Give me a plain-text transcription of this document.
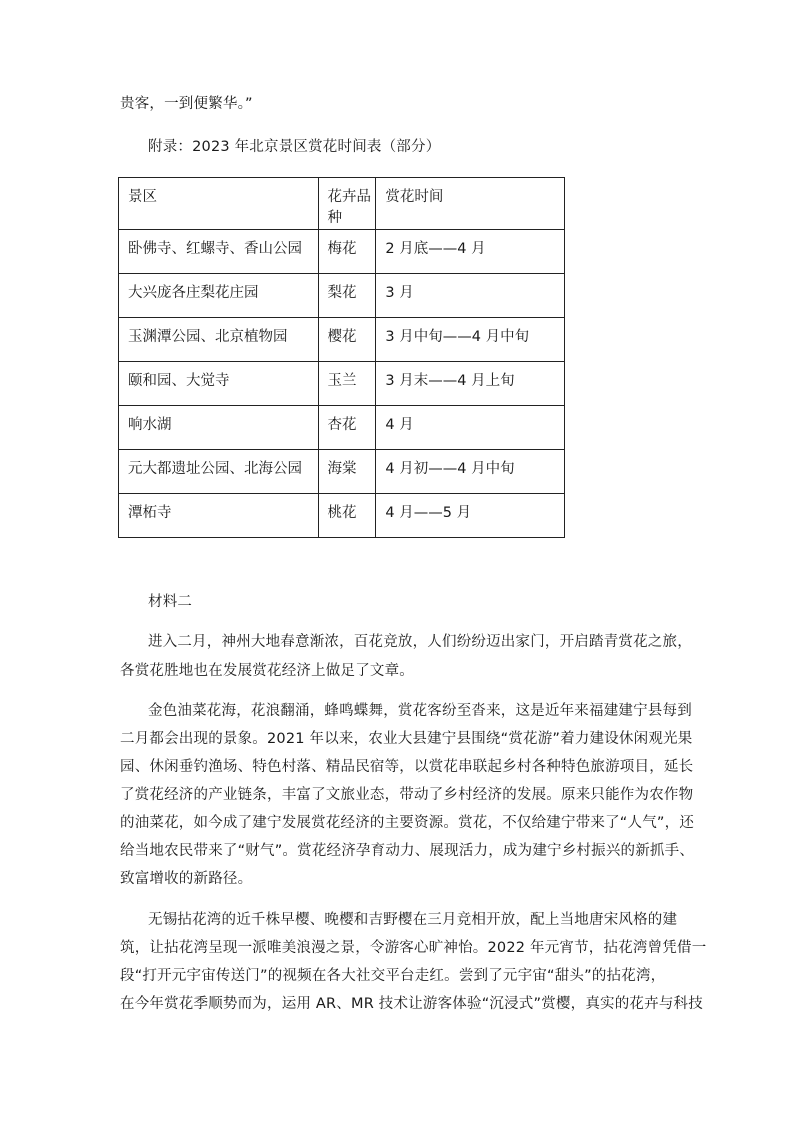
贵客，一到便繁华。”
附录：2023 年北京景区赏花时间表（部分）
景区	花卉品种	赏花时间
卧佛寺、红螺寺、香山公园	梅花	2 月底——4 月
大兴庞各庄梨花庄园	梨花	3 月
玉渊潭公园、北京植物园	樱花	3 月中旬——4 月中旬
颐和园、大觉寺	玉兰	3 月末——4 月上旬
响水湖	杏花	4 月
元大都遗址公园、北海公园	海棠	4 月初——4 月中旬
潭柘寺	桃花	4 月——5 月
材料二
进入二月，神州大地春意渐浓，百花竞放，人们纷纷迈出家门，开启踏青赏花之旅，
各赏花胜地也在发展赏花经济上做足了文章。
金色油菜花海，花浪翻涌，蜂鸣蝶舞，赏花客纷至沓来，这是近年来福建建宁县每到
二月都会出现的景象。2021 年以来，农业大县建宁县围绕“赏花游”着力建设休闲观光果
园、休闲垂钓渔场、特色村落、精品民宿等，以赏花串联起乡村各种特色旅游项目，延长
了赏花经济的产业链条，丰富了文旅业态，带动了乡村经济的发展。原来只能作为农作物
的油菜花，如今成了建宁发展赏花经济的主要资源。赏花，不仅给建宁带来了“人气”，还
给当地农民带来了“财气”。赏花经济孕育动力、展现活力，成为建宁乡村振兴的新抓手、
致富增收的新路径。
无锡拈花湾的近千株早樱、晚樱和吉野樱在三月竞相开放，配上当地唐宋风格的建
筑，让拈花湾呈现一派唯美浪漫之景，令游客心旷神怡。2022 年元宵节，拈花湾曾凭借一
段“打开元宇宙传送门”的视频在各大社交平台走红。尝到了元宇宙“甜头”的拈花湾，
在今年赏花季顺势而为，运用 AR、MR 技术让游客体验“沉浸式”赏樱，真实的花卉与科技
